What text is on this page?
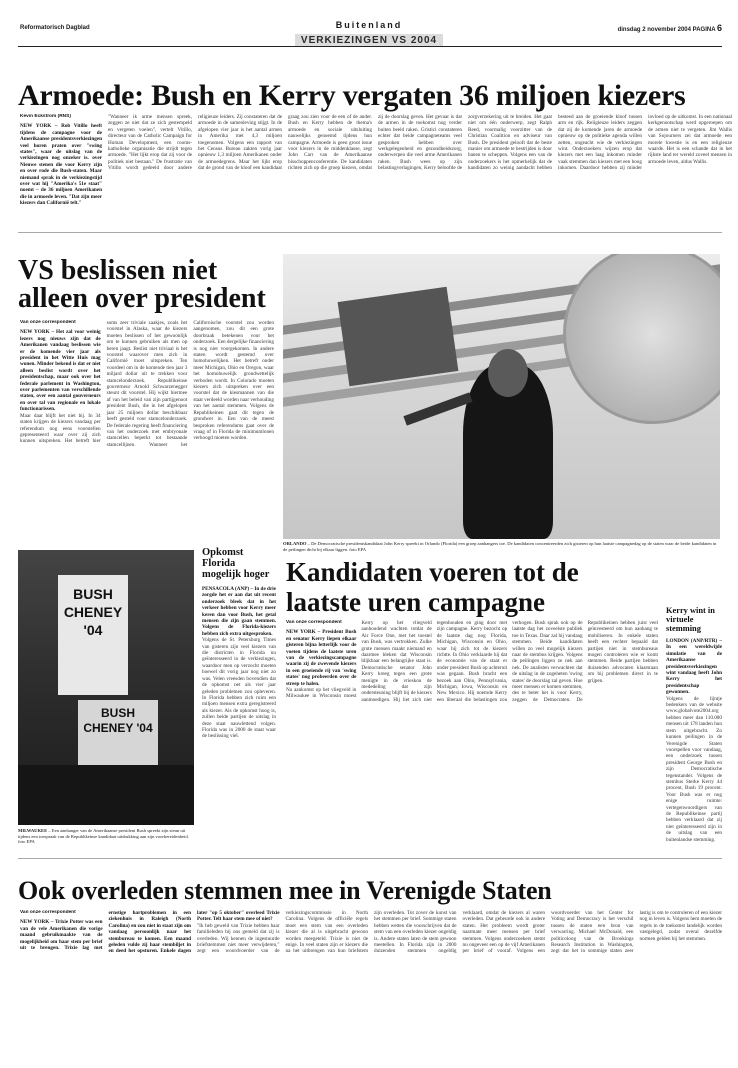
Reformatorisch Dagblad	Buitenland
VERKIEZINGEN VS 2004
dinsdag 2 november 2004 PAGINA 6
Armoede: Bush en Kerry vergaten 36 miljoen kiezers
Kevin Eckstrom (RNS)
NEW YORK – Rob Vitillo heeft tijdens de campagne voor de Amerikaanse presidentsverkiezingen veel horen praten over "swing states", waar de uitslag van de verkiezingen nog onzeker is. over Nieuwe stenen die voor Kerry zijn en over rode die Bush-staten. Maar niemand sprak in de verkiezingstijd over wat hij "Amerika's 51e staat" noemt – de 36 miljoen Amerikanen die in armoede leven. "Dat zijn meer kiezers dan Californië telt."
"Wanneer ik arme mensen spreek, zeggen ze niet dat ze zich gestempeld en vergeten voelen", vertelt Vitillo, directeur van de Catholic Campaign for Human Development, een rooms-katholieke organisatie die strijdt tegen armoede. "Het lijkt erop dat zij voor de politiek niet bestaan." De frustratie van Vitillo wordt gedeeld door andere religieuze leiders. Zij constateren dat de armoede in de samenleving stijgt. In de afgelopen vier jaar is het aantal armen in Amerika met 4,3 miljoen toegenomen. Volgens een rapport van het Census Bureau zakten vorig jaar opnieuw 1,3 miljoen Amerikanen onder de armoedegrens. Maar het lijkt erop dat de grond van de kloof een kandidaat graag zou zien voor de een of de ander. Bush en Kerry hebben de thema's armoede en sociale uitsluiting nauwelijks genoemd tijdens hun campagne. Armoede is geen groot issue voor kiezers in de middenklasse, zegt John Carr van de Amerikaanse bisschoppenconferentie. De kandidaten richten zich op die groep kiezers, omdat zij de doorslag geven. Het gevaar is dat de armen in de toekomst nog verder buiten beeld raken. Gristici constateren echter dat beide campagneteams veel gesproken hebben over werkgelegenheid en gezondheidszorg, onderwerpen die veel arme Amerikanen raken. Bush wees op zijn belastingverlagingen, Kerry beloofde de zorgverzekering uit te breiden. Het gaat niet om één onderwerp, zegt Ralph Reed, voormalig voorzitter van de Christian Coalition en adviseur van Bush. De president gelooft dat de beste manier om armoede te bestrijden is door banen te scheppen. Volgens een van de onderzoekers is het opmerkelijk dat de kandidaten zo weinig aandacht hebben besteed aan de groeiende kloof tussen arm en rijk. Religieuze leiders zeggen dat zij de komende jaren de armoede opnieuw op de politieke agenda willen zetten, ongeacht wie de verkiezingen wint. Onderzoekers wijzen erop dat kiezers met een laag inkomen minder vaak stemmen dan kiezers met een hoog inkomen. Daardoor hebben zij minder invloed op de uitkomst. In een nationaal kerkgenootschap werd opgeroepen om de armen niet te vergeten. Jim Wallis van Sojourners zei dat armoede een morele kwestie is en een religieuze waarde. Het is een schande dat in het rijkste land ter wereld zoveel mensen in armoede leven, aldus Wallis.
VS beslissen niet
alleen over president
Van onze correspondent
NEW YORK – Het zal voor weinig lezers nog nieuws zijn dat de Amerikanen vandaag beslissen wie er de komende vier jaar als president in het Witte Huis mag wonen. Minder bekend is dat er niet alleen beslist wordt over het presidentschap, maar ook over het federale parlement in Washington, over parlementen van verschillende staten, over een aantal gouverneurs en over tal van regionale en lokale functionarissen.
Maar daar blijft het niet bij. In 34 staten krijgen de kiezers vandaag per referendum nog eens voorstellen gepresenteerd waar over zij zich kunnen uitspreken. Het betreft hier soms zeer triviale zaakjes, zoals het voorstel in Alaska, waar de kiezers moeten beslissen of het gewoonlijk om te kunnen gebruiken als men op beren jaagt. Beslist niet triviaal is het voorstel waarover men zich in Californië moet uitspreken. Ten voordeel om in de komende tien jaar 3 miljard dollar uit te trekken voor stamcelonderzoek. Republikeinse gouverneur Arnold Schwarzenegger steunt dit voorstel. Hij wijkt hiermee af van het beleid van zijn partijgenoot president Bush, die in het afgelopen jaar 25 miljoen dollar beschikbaar heeft gesteld voor stamcelonderzoek. De federale regering heeft financiering van het onderzoek met embryonale stamcellen beperkt tot bestaande stamcellijnen. Wanneer het Californische voorstel zou worden aangenomen, zou dit een grote doorbraak betekenen voor het onderzoek. Een dergelijke financiering is nog niet voorgekomen. In andere staten wordt gestemd over homohuwelijken. Het betreft onder meer Michigan, Ohio en Oregon, waar het homohuwelijk grondwettelijk verboden wordt. In Colorado moeten kiezers zich uitspreken over een voorstel dat de kiesmannen van die staat verdeeld worden naar verhouding van het aantal stemmen. Volgens de Republikeinen gaat dit tegen de grondwet in. Een van de meest besproken referendums gaat over de vraag of in Florida de minimumlonen verhoogd moeten worden.
ORLANDO – De Democratische presidentskandidaat John Kerry spreekt in Orlando (Florida) een groep aanhangers toe. De kandidaten concentreerden zich gisteren op hun laatste campagnedag op de staten waar de beide kandidaten in de peilingen dicht bij elkaar liggen. foto EPA
BUSH CHENEY '04
BUSH CHENEY '04
MILWAUKEE – Een aanhanger van de Amerikaanse president Bush spreekt zijn steun uit tijdens een toespraak van de Republikeinse kandidaat uitdrukking aan zijn voorbereidenheid. foto EPA
Opkomst Florida
mogelijk hoger
PENSACOLA (ANP) – In de drie zorgde het er aan dat uit recent onderzoek bleek dat in het verkeer hebben voor Kerry meer keren dan voor Bush, het getal mensen die zijn gaan stemmen. Volgens de Florida-kiezers hebben zich extra uitgesproken.
Volgens de St. Petersburg Times van gisteren zijn veel kiezers van die districten in Florida nu geïnteresseerd in de verkiezingen, waardoor men op verzocht moeten hoewel dit vorig jaar nog niet zo was. Velen vreesden bovendien dat de opkomst net als vier jaar geleden problemen zou opleveren. In Florida hebben zich ruim een miljoen mensen extra geregistreerd als kiezer. Als de opkomst hoog is, zullen beide partijen de uitslag in deze staat nauwlettend volgen. Florida was in 2000 de staat waar de beslissing viel.
Kandidaten voeren tot de
laatste uren campagne
Van onze correspondent
NEW YORK – President Bush en senator Kerry liepen elkaar gisteren bijna letterlijk voor de voeten tijdens de laatste uren van de verkiezingscampagne waarin zij de zwevende kiezers in een groeiende rij van 'swing states' nog probeerden over de streep te halen.
Na aankomst op het vliegveld in Milwaukee in Wisconsin moest Kerry op het vliegveld aanhoudend wachten totdat de Air Force One, met het toestel van Bush, was vertrokken. Zulke grote mensen maakt niemand en daarmee bleken dat Wisconsin blijkbaar een belangrijke staat is. Democratische senator John Kerry kreeg tegen een grote menigte in de vrieskou de mededeling dat zijn ondersteuning blijft bij de kiezers aanmoedigen. Hij liet zich niet tegenhouden en ging door met zijn campagne. Kerry bezocht op de laatste dag nog Florida, Michigan, Wisconsin en Ohio, waar hij zich tot de kiezers richtte. In Ohio verklaarde hij dat de economie van de staat er onder president Bush op achteruit was gegaan. Bush bracht een bezoek aan Ohio, Pennsylvania, Michigan, Iowa, Wisconsin en New Mexico. Hij noemde Kerry een liberaal die belastingen zou verhogen. Bush sprak ook op de laatste dag het zoveelste publiek toe in Texas. Daar zal hij vandaag stemmen. Beide kandidaten willen zo veel mogelijk kiezers naar de stembus krijgen. Volgens de peilingen liggen ze nek aan nek. De analisten verwachten dat de uitslag in de zogeheten 'swing states' de doorslag zal geven. Hoe meer mensen er komen stemmen, des te beter het is voor Kerry, zeggen de Democraten. De Republikeinen hebben juist veel geïnvesteerd om hun aanhang te mobiliseren. In enkele staten heeft een rechter bepaald dat partijen niet in stembureaus mogen controleren wie er komt stemmen. Beide partijen hebben duizenden advocaten klaarstaan om bij problemen direct in te grijpen.
Kerry wint in
virtuele stemming
LONDON (ANP/RTR) – In een wereldwijde simulatie van de Amerikaanse presidentsverkiezingen wint vandaag heeft John Kerry het presidentschap gewonnen.
Volgens de lijntje bedenkers van de website www.globalvote2004.org hebben meer dan 110.000 mensen uit 178 landen hun stem uitgebracht. Zo kunnen peilingen in de Verenigde Staten voorspellen voor vandaag, een onderzoek tussen president George Bush en zijn Democratische tegenstander. Volgens de stembus Sterke Kerry 44 procent, Bush 19 procent. Voor Bush was er nog enige ruimte: vertegenwoordigers van de Republikeinse partij hebben verklaard dat zij niet geïnteresseerd zijn in de uitslag van een buitenlandse stemming.
Ook overleden stemmen mee in Verenigde Staten
Van onze correspondent
NEW YORK – Trixie Potter was een van de vele Amerikanen die vorige maand gebruikmaakte van de mogelijkheid om haar stem per brief uit te brengen. Trixie lag met ernstige hartproblemen in een ziekenhuis in Raleigh (North Carolina) en zou niet in staat zijn om vandaag persoonlijk naar het stembureau te komen. Een maand geleden vulde zij haar stembiljet in en deed het opsturen. Enkele dagen later "op 5 oktober" overleed Trixie Potter. Telt haar stem mee of niet?
"Ik heb geweld van Trixie hebben haar familieleden bij ons gemeld dat zij is overleden. Wij kennen de ingestuurde briefstemmen niet meer verwijderen," zegt een woordvoerder van de verkiezingscommissie in North Carolina. Volgens de officiële regels moet een stem van een overleden kiezer die al is uitgebracht gewoon worden meegeteld. Trixie is niet de enige. In veel staten zijn er kiezers die na het uitbrengen van hun briefstem zijn overleden. Tot zover de kunst van het stemmen per brief. Sommige staten hebben wetten die voorschrijven dat de stem van een overleden kiezer ongeldig is. Andere staten laten de stem gewoon meetellen. In Florida zijn in 2000 duizenden stemmen ongeldig verklaard, omdat de kiezers al waren overleden. Dat gebeurde ook in andere staten. Het probleem wordt groter naarmate meer mensen per brief stemmen. Volgens onderzoekers stemt nu ongeveer een op de vijf Amerikanen per brief of vooraf. Volgens een woordvoerder van het Center for Voting and Democracy is het verschil tussen de staten een bron van verwarring. Michael McDonald, een politicoloog van de Brookings Research Institution in Washington, zegt dat het in sommige staten zeer lastig is om te controleren of een kiezer nog in leven is. Volgens hem moeten de regels in de toekomst landelijk worden vastgelegd, zodat overal dezelfde normen gelden bij het stemmen.
